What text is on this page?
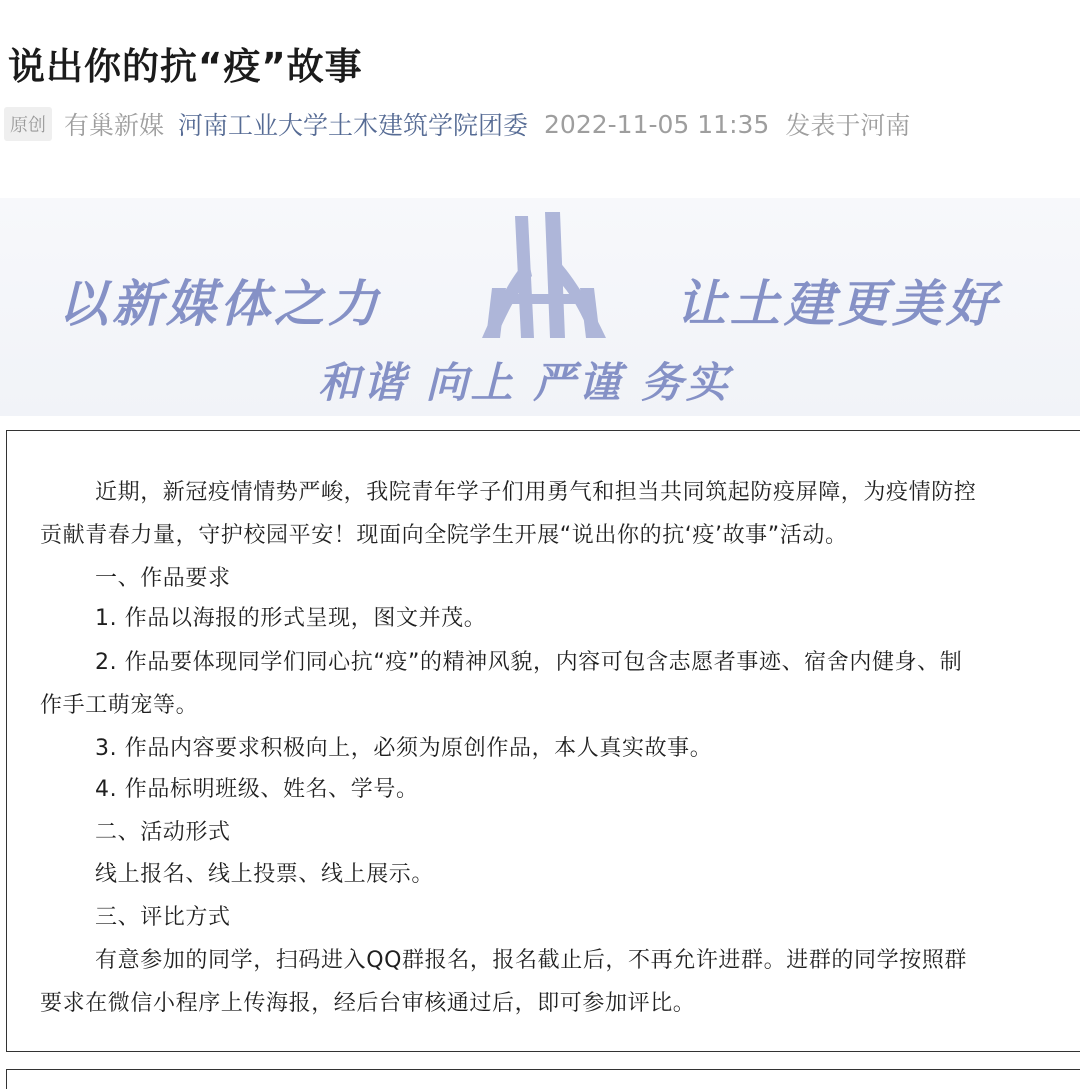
说出你的抗“疫”故事
原创 有巢新媒 河南工业大学土木建筑学院团委 2022-11-05 11:35 发表于河南
以新媒体之力	让土建更美好
和谐 向上 严谨 务实
近期，新冠疫情情势严峻，我院青年学子们用勇气和担当共同筑起防疫屏障，为疫情防控
贡献青春力量，守护校园平安！现面向全院学生开展“说出你的抗‘疫’故事”活动。
一、作品要求
1. 作品以海报的形式呈现，图文并茂。
2. 作品要体现同学们同心抗“疫”的精神风貌，内容可包含志愿者事迹、宿舍内健身、制
作手工萌宠等。
3. 作品内容要求积极向上，必须为原创作品，本人真实故事。
4. 作品标明班级、姓名、学号。
二、活动形式
线上报名、线上投票、线上展示。
三、评比方式
有意参加的同学，扫码进入QQ群报名，报名截止后，不再允许进群。进群的同学按照群
要求在微信小程序上传海报，经后台审核通过后，即可参加评比。
